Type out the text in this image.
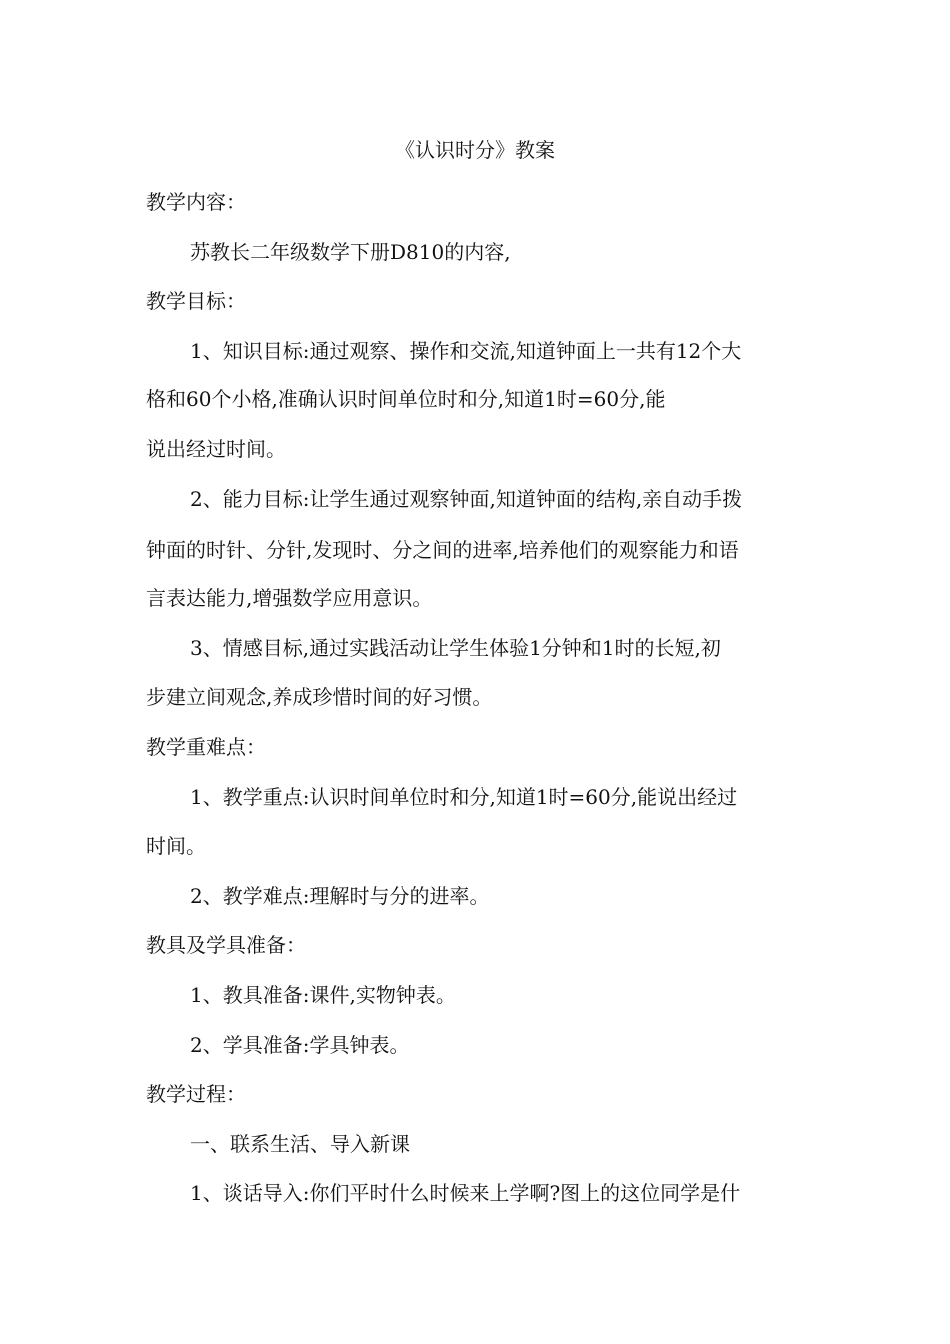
《认识时分》教案
教学内容：
苏教长二年级数学下册D810的内容,
教学目标：
1、知识目标:通过观察、操作和交流,知道钟面上一共有12个大
格和60个小格,准确认识时间单位时和分,知道1时=60分,能
说出经过时间。
2、能力目标:让学生通过观察钟面,知道钟面的结构,亲自动手拨
钟面的时针、分针,发现时、分之间的进率,培养他们的观察能力和语
言表达能力,增强数学应用意识。
3、情感目标,通过实践活动让学生体验1分钟和1时的长短,初
步建立间观念,养成珍惜时间的好习惯。
教学重难点：
1、教学重点:认识时间单位时和分,知道1时=60分,能说出经过
时间。
2、教学难点:理解时与分的进率。
教具及学具准备：
1、教具准备:课件,实物钟表。
2、学具准备:学具钟表。
教学过程：
一、联系生活、导入新课
1、谈话导入:你们平时什么时候来上学啊?图上的这位同学是什
